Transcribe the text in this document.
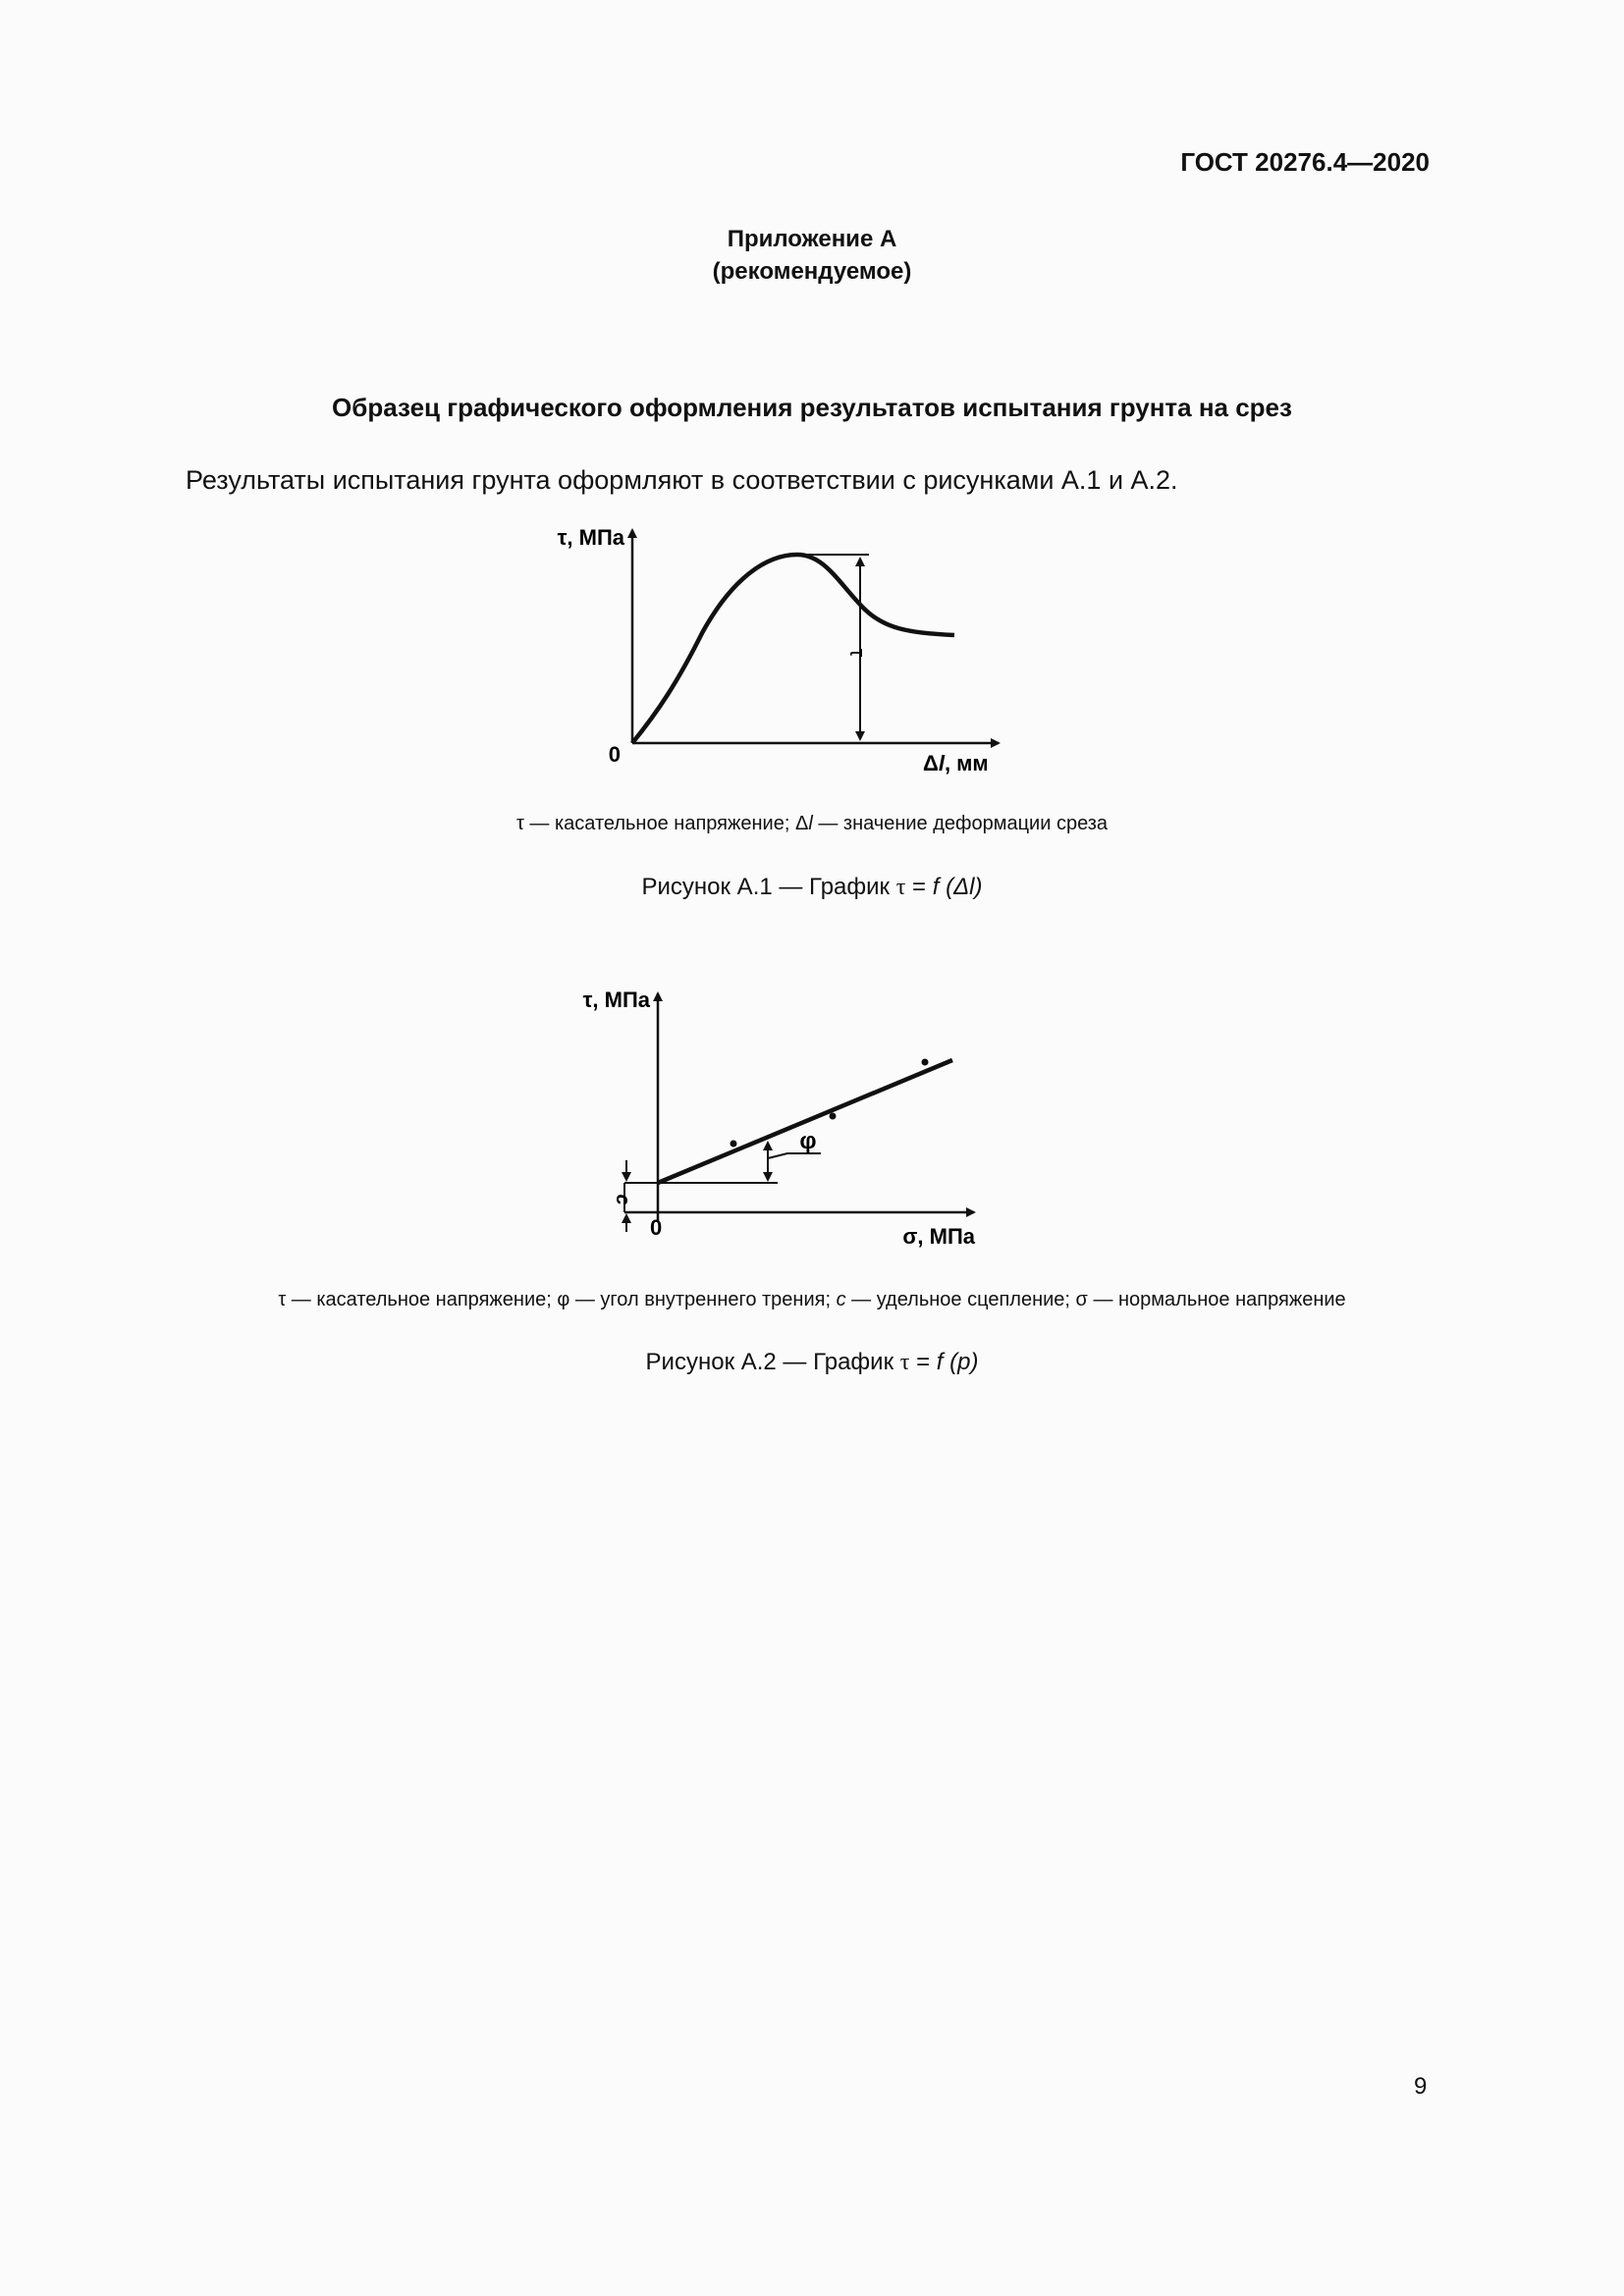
ГОСТ 20276.4—2020
Приложение А
(рекомендуемое)
Образец графического оформления результатов испытания грунта на срез
Результаты испытания грунта оформляют в соответствии с рисунками А.1 и А.2.
τ
τ, МПа
0	Δl, мм
τ — касательное напряжение; Δl — значение деформации среза
Рисунок А.1 — График τ = f (Δl)
c
φ
τ, МПа
0	σ, МПа
τ — касательное напряжение; φ — угол внутреннего трения; c — удельное сцепление; σ — нормальное напряжение
Рисунок А.2 — График τ = f (p)
9
